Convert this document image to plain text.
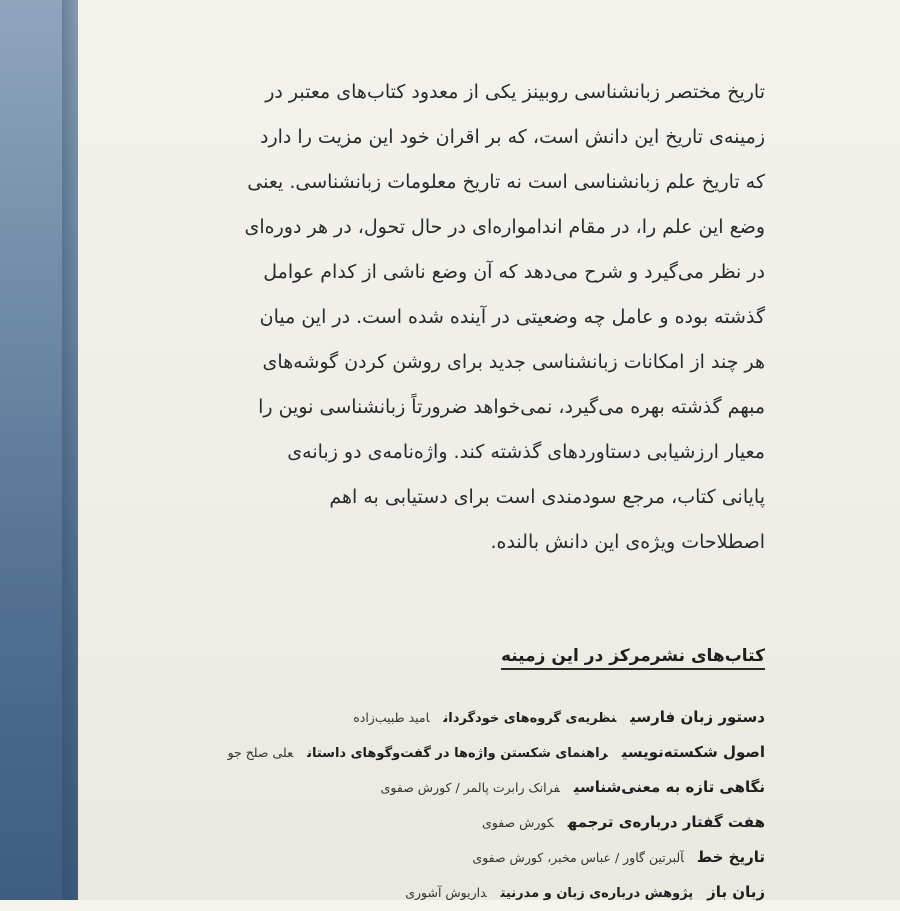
تاریخ مختصر زبانشناسی روبینز یکی از معدود کتاب‌های معتبر در
زمینه‌ی تاریخ این دانش است، که بر اقران خود این مزیت را دارد
که تاریخ علم زبانشناسی است نه تاریخ معلومات زبانشناسی. یعنی
وضع این علم را، در مقام اندامواره‌ای در حال تحول، در هر دوره‌ای
در نظر می‌گیرد و شرح می‌دهد که آن وضع ناشی از کدام عوامل
گذشته بوده و عامل چه وضعیتی در آینده شده است. در این میان
هر چند از امکانات زبانشناسی جدید برای روشن کردن گوشه‌های
مبهم گذشته بهره می‌گیرد، نمی‌خواهد ضرورتاً زبانشناسی نوین را
معیار ارزشیابی دستاوردهای گذشته کند. واژه‌نامه‌ی دو زبانه‌ی
پایانی کتاب، مرجع سودمندی است برای دستیابی به اهم
اصطلاحات ویژه‌ی این دانش بالنده.
کتاب‌های نشرمرکز در این زمینه
دستور زبان فارسینظریه‌ی گروه‌های خودگردانامید طبیب‌زاده
اصول شکسته‌نویسیراهنمای شکستن واژه‌ها در گفت‌وگوهای داستانعلی صلح جو
نگاهی تازه به معنی‌شناسیفرانک رابرت پالمر / کورش صفوی
هفت گفتار درباره‌ی ترجمهکورش صفوی
تاریخ خطآلبرتین گاور / عباس مخبر، کورش صفوی
زبان بازپژوهش درباره‌ی زبان و مدرنیتداریوش آشوری
